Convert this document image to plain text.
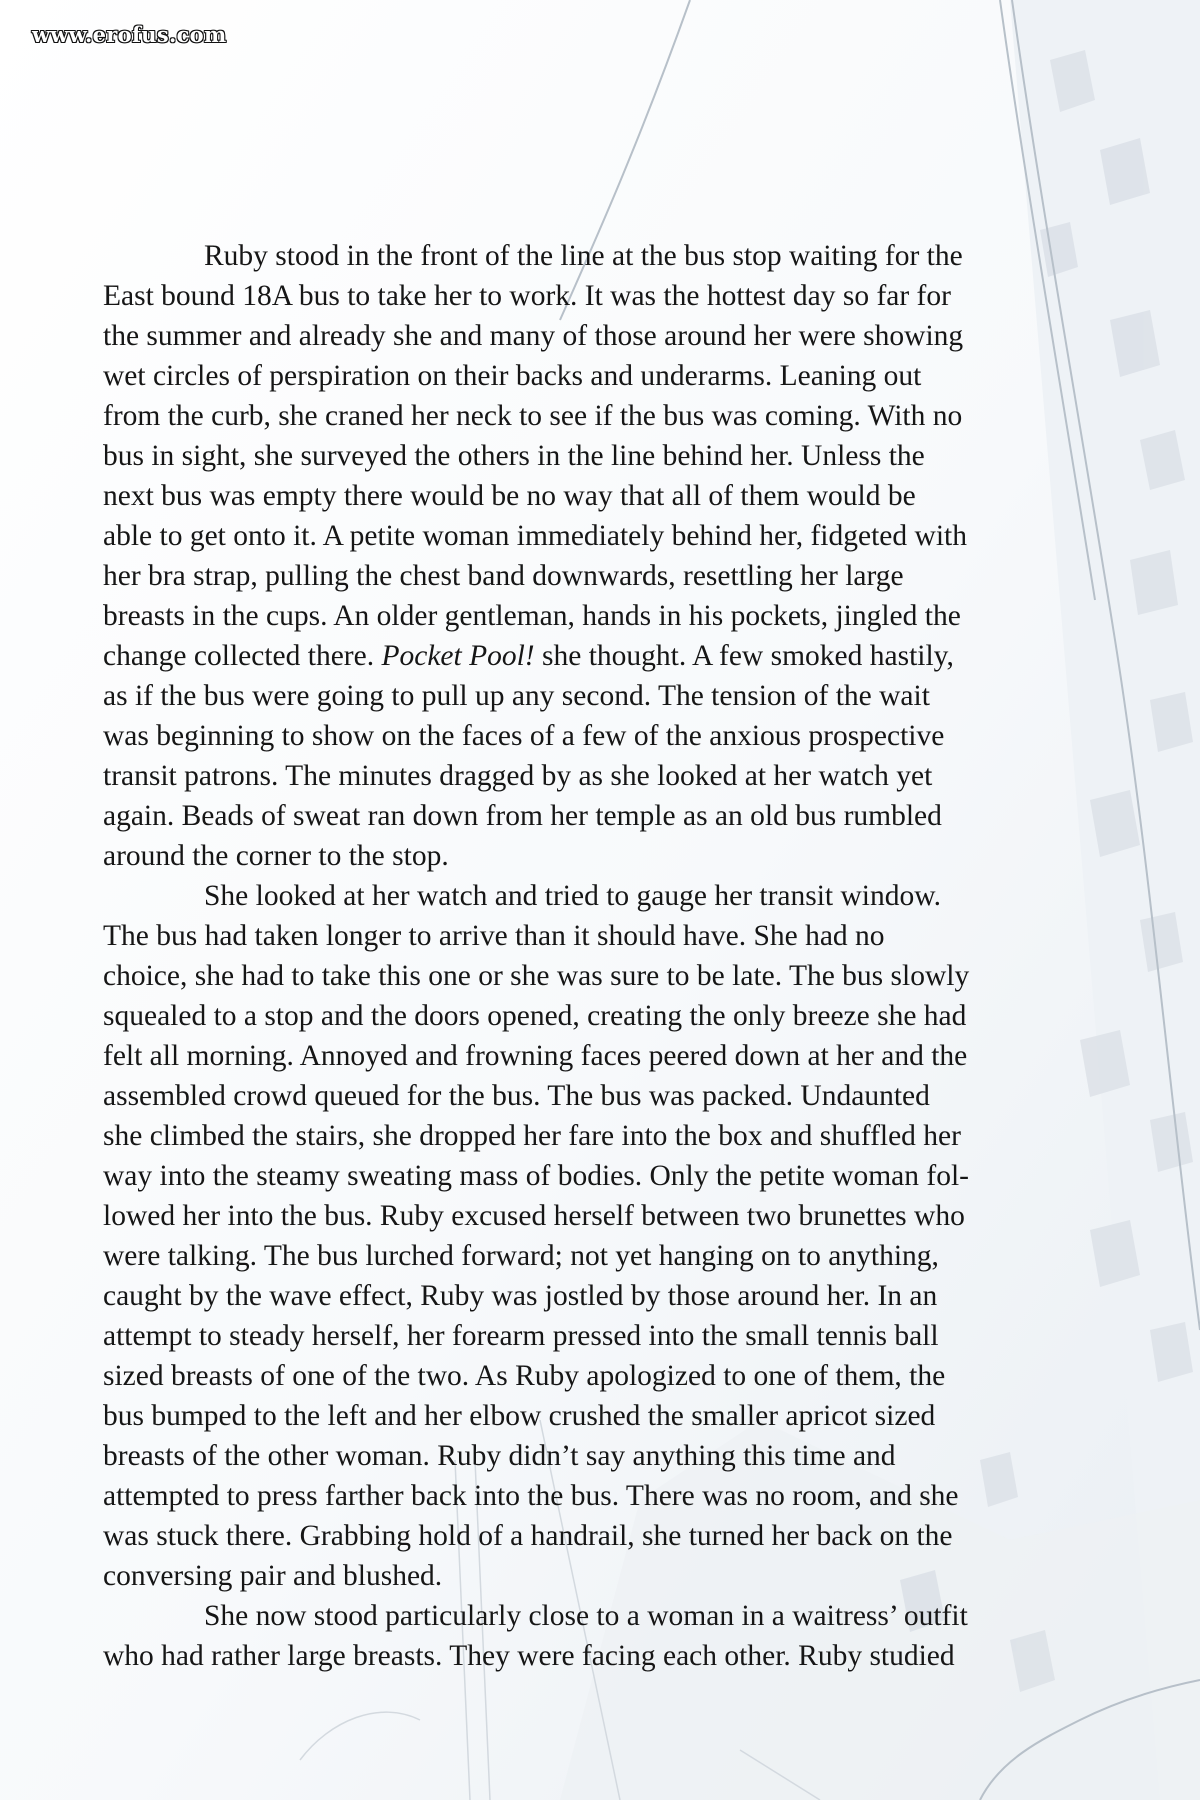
www.erofus.com
Ruby stood in the front of the line at the bus stop waiting for the
East bound 18A bus to take her to work. It was the hottest day so far for
the summer and already she and many of those around her were showing
wet circles of perspiration on their backs and underarms. Leaning out
from the curb, she craned her neck to see if the bus was coming. With no
bus in sight, she surveyed the others in the line behind her. Unless the
next bus was empty there would be no way that all of them would be
able to get onto it. A petite woman immediately behind her, fidgeted with
her bra strap, pulling the chest band downwards, resettling her large
breasts in the cups. An older gentleman, hands in his pockets, jingled the
change collected there. Pocket Pool! she thought. A few smoked hastily,
as if the bus were going to pull up any second. The tension of the wait
was beginning to show on the faces of a few of the anxious prospective
transit patrons. The minutes dragged by as she looked at her watch yet
again. Beads of sweat ran down from her temple as an old bus rumbled
around the corner to the stop.
She looked at her watch and tried to gauge her transit window.
The bus had taken longer to arrive than it should have. She had no
choice, she had to take this one or she was sure to be late. The bus slowly
squealed to a stop and the doors opened, creating the only breeze she had
felt all morning. Annoyed and frowning faces peered down at her and the
assembled crowd queued for the bus. The bus was packed. Undaunted
she climbed the stairs, she dropped her fare into the box and shuffled her
way into the steamy sweating mass of bodies. Only the petite woman fol-
lowed her into the bus. Ruby excused herself between two brunettes who
were talking. The bus lurched forward; not yet hanging on to anything,
caught by the wave effect, Ruby was jostled by those around her. In an
attempt to steady herself, her forearm pressed into the small tennis ball
sized breasts of one of the two. As Ruby apologized to one of them, the
bus bumped to the left and her elbow crushed the smaller apricot sized
breasts of the other woman. Ruby didn’t say anything this time and
attempted to press farther back into the bus. There was no room, and she
was stuck there. Grabbing hold of a handrail, she turned her back on the
conversing pair and blushed.
She now stood particularly close to a woman in a waitress’ outfit
who had rather large breasts. They were facing each other. Ruby studied
